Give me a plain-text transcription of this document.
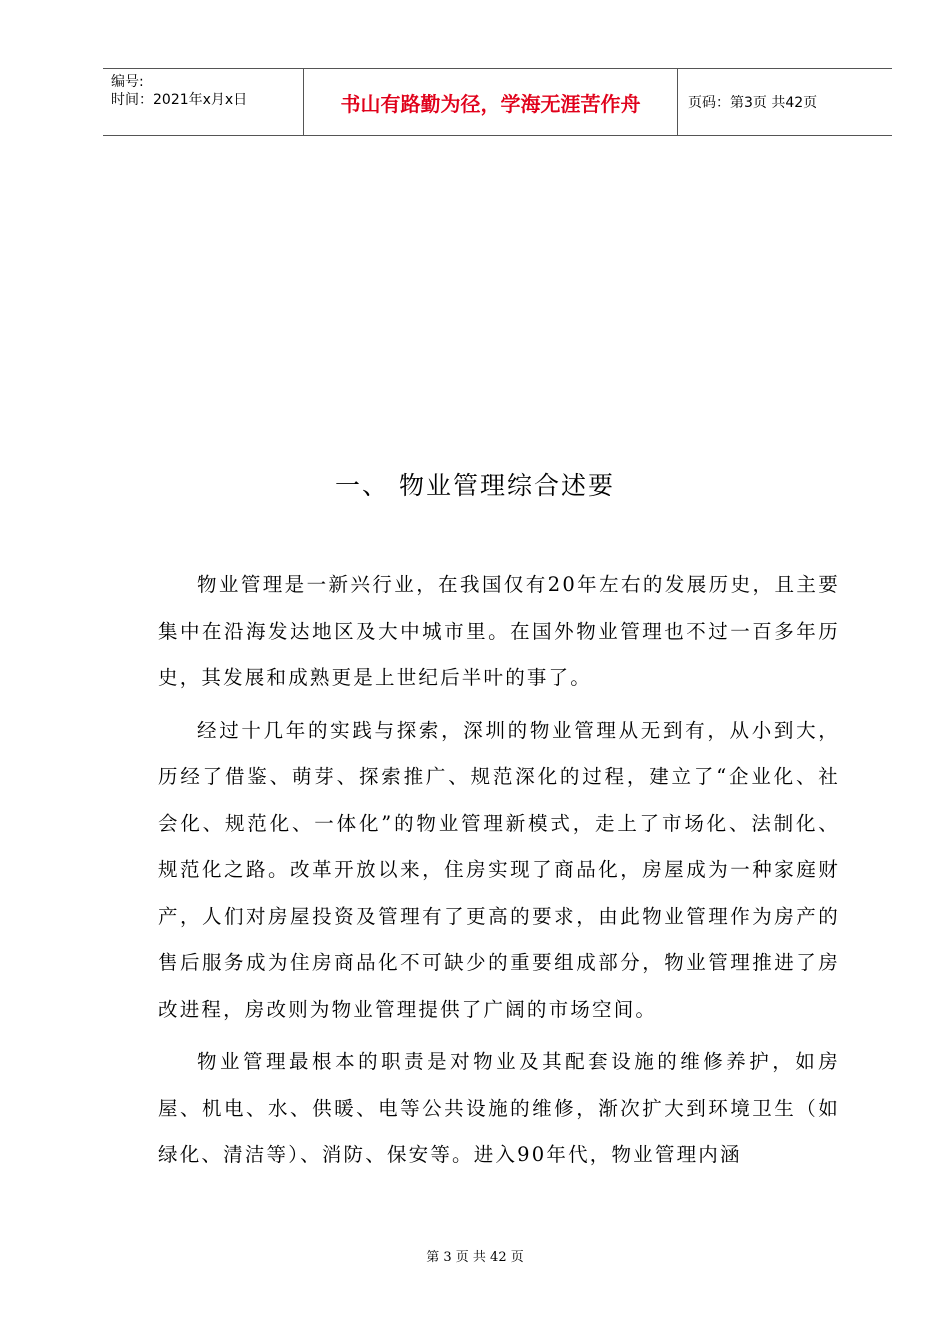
编号:
时间：2021年x月x日	书山有路勤为径，学海无涯苦作舟	页码：第3页 共42页
一、 物业管理综合述要

物业管理是一新兴行业，在我国仅有20年左右的发展历史，且主要集中在沿海发达地区及大中城市里。在国外物业管理也不过一百多年历史，其发展和成熟更是上世纪后半叶的事了。

经过十几年的实践与探索，深圳的物业管理从无到有，从小到大，历经了借鉴、萌芽、探索推广、规范深化的过程，建立了“企业化、社会化、规范化、一体化”的物业管理新模式，走上了市场化、法制化、规范化之路。改革开放以来，住房实现了商品化，房屋成为一种家庭财产，人们对房屋投资及管理有了更高的要求，由此物业管理作为房产的售后服务成为住房商品化不可缺少的重要组成部分，物业管理推进了房改进程，房改则为物业管理提供了广阔的市场空间。

物业管理最根本的职责是对物业及其配套设施的维修养护，如房屋、机电、水、供暖、电等公共设施的维修，渐次扩大到环境卫生（如绿化、清洁等）、消防、保安等。进入90年代，物业管理内涵

第 3 页 共 42 页
